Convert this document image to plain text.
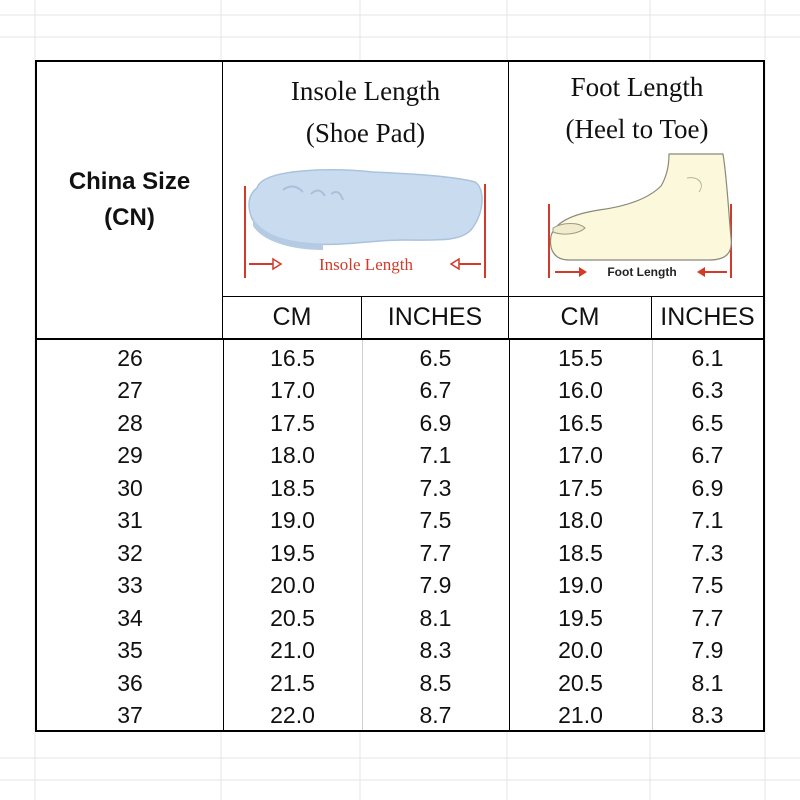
China Size
(CN)
Insole Length
(Shoe Pad)
Insole Length
Foot Length
(Heel to Toe)
Foot Length
CM	INCHES	CM	INCHES
26	16.5	6.5	15.5	6.1
27	17.0	6.7	16.0	6.3
28	17.5	6.9	16.5	6.5
29	18.0	7.1	17.0	6.7
30	18.5	7.3	17.5	6.9
31	19.0	7.5	18.0	7.1
32	19.5	7.7	18.5	7.3
33	20.0	7.9	19.0	7.5
34	20.5	8.1	19.5	7.7
35	21.0	8.3	20.0	7.9
36	21.5	8.5	20.5	8.1
37	22.0	8.7	21.0	8.3
